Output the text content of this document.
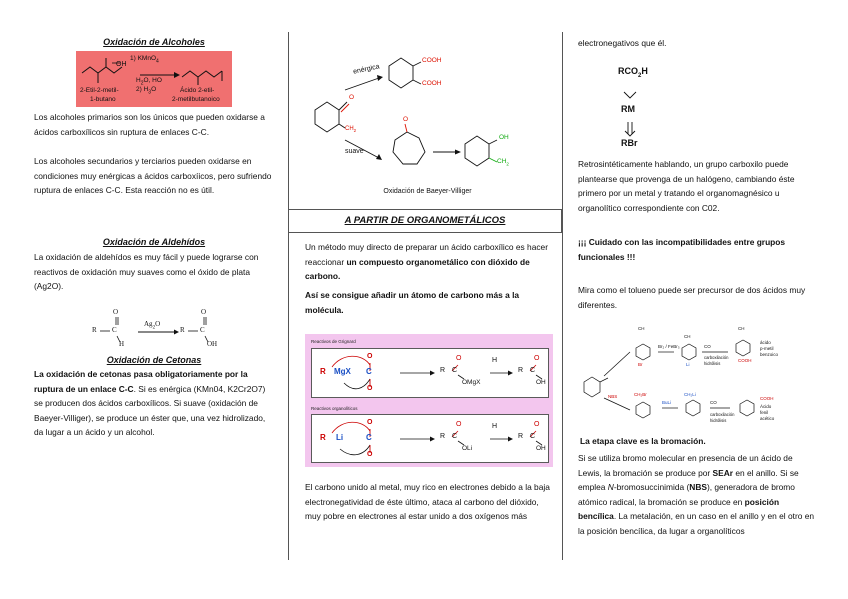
Oxidación de Alcoholes
OH
1) KMnO$_4$
$H_2O$, HO
2) $H_3O$
2-Etil-2-metil-
1-butano
Ácido 2-etil-
2-metilbutanoico
Los alcoholes primarios son los únicos que pueden oxidarse a ácidos carboxílicos sin ruptura de enlaces C-C.
Los alcoholes secundarios y terciarios pueden oxidarse en condiciones muy enérgicas a ácidos carboxíicos, pero sufriendo ruptura de enlaces C-C. Esta reacción no es útil.
Oxidación de Aldehídos
La oxidación de aldehídos es muy fácil y puede lograrse con reactivos de oxidación muy suaves como el óxido de plata (Ag2O).
R C
O
H
$Ag_2O$
R C
O
OH
Oxidación de Cetonas
La oxidación de cetonas pasa obligatoriamente por la ruptura de un enlace C-C. Si es enérgica (KMn04, K2Cr2O7) se producen dos ácidos carboxílicos. Si suave (oxidación de Baeyer-Villiger), se produce un éster que, una vez hidrolizado, da lugar a un ácido y un alcohol.
enérgica
suave
COOH
COOH
O
$CH_2$
O
OH
$CH_2$
Oxidación de Baeyer-Villiger
A PARTIR DE ORGANOMETÁLICOS
Un método muy directo de preparar un ácido carboxílico es hacer reaccionar un compuesto organometálico con dióxido de carbono.
Así se consigue añadir un átomo de carbono más a la molécula.
Reactivos de Grignard
R MgX C
O
O
R C
O
OMgX
H
R C
O
OH
Reactivos organolíticos
R Li	C
O
O
R C
O
OLi
H
R C
O
OH
El carbono unido al metal, muy rico en electrones debido a la baja electronegatividad de éste último, ataca al carbono del dióxido, muy pobre en electrones al estar unido a dos oxígenos más
electronegativos que él.
$RCO_2H$
RM
RBr
Retrosintéticamente hablando, un grupo carboxilo puede plantearse que provenga de un halógeno, cambiando éste primero por un metal y tratando el organomagnésico u organolítico correspondiente con C02.
¡¡¡ Cuidado con las incompatibilidades entre grupos funcionales !!!
Mira como el tolueno puede ser precursor de dos ácidos muy diferentes.
CH
Br
Br₂ / FeBr₃
CH
Li
CO
carboxilación
hidrólisis
CH
COOH
ácido
p-metil
benzoico
NBS	CH₂Br
BuLi
CH₂Li
CO
carboxilación
hidrólisis
COOH
Ácido
fenil
acético
La etapa clave es la bromación.
Si se utiliza bromo molecular en presencia de un ácido de Lewis, la bromación se produce por SEAr en el anillo. Si se emplea N-bromosuccinimida (NBS), generadora de bromo atómico radical, la bromación se produce en posición bencílica. La metalación, en un caso en el anillo y en el otro en la posición bencílica, da lugar a organolíticos
